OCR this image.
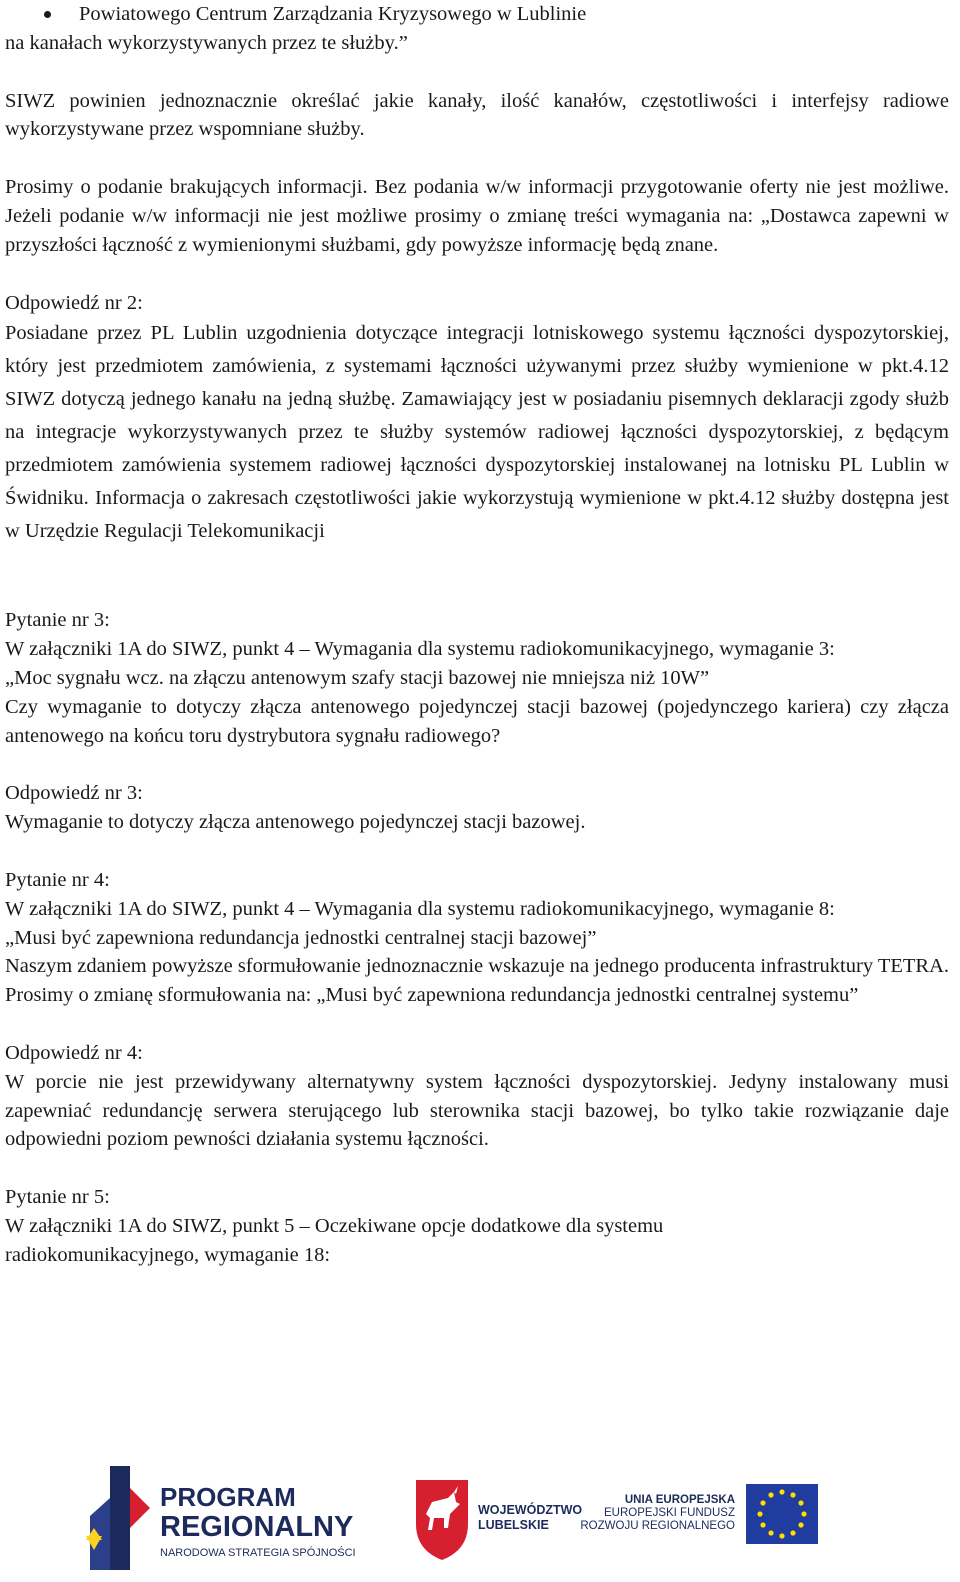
Powiatowego Centrum Zarządzania Kryzysowego w Lublinie

na kanałach wykorzystywanych przez te służby.”

SIWZ powinien jednoznacznie określać jakie kanały, ilość kanałów, częstotliwości i interfejsy radiowe wykorzystywane przez wspomniane służby.

Prosimy o podanie brakujących informacji. Bez podania w/w informacji przygotowanie oferty nie jest możliwe. Jeżeli podanie w/w informacji nie jest możliwe prosimy o zmianę treści wymagania na: „Dostawca zapewni w przyszłości łączność z wymienionymi służbami, gdy powyższe informację będą znane.

Odpowiedź nr 2:

Posiadane przez PL Lublin uzgodnienia dotyczące integracji lotniskowego systemu łączności dyspozytorskiej, który jest przedmiotem zamówienia, z systemami łączności używanymi przez służby wymienione w pkt.4.12 SIWZ dotyczą jednego kanału na jedną służbę. Zamawiający jest w posiadaniu pisemnych deklaracji zgody służb na integracje wykorzystywanych przez te służby systemów radiowej łączności dyspozytorskiej, z będącym przedmiotem zamówienia systemem radiowej łączności dyspozytorskiej instalowanej na lotnisku PL Lublin w Świdniku. Informacja o zakresach częstotliwości jakie wykorzystują wymienione w pkt.4.12 służby dostępna jest w Urzędzie Regulacji Telekomunikacji

Pytanie nr 3:

W załączniki 1A do SIWZ, punkt 4 – Wymagania dla systemu radiokomunikacyjnego, wymaganie 3:

„Moc sygnału wcz. na złączu antenowym szafy stacji bazowej nie mniejsza niż 10W”

Czy wymaganie to dotyczy złącza antenowego pojedynczej stacji bazowej (pojedynczego kariera) czy złącza antenowego na końcu toru dystrybutora sygnału radiowego?

Odpowiedź nr 3:

Wymaganie to dotyczy złącza antenowego pojedynczej stacji bazowej.

Pytanie nr 4:

W załączniki 1A do SIWZ, punkt 4 – Wymagania dla systemu radiokomunikacyjnego, wymaganie 8:

„Musi być zapewniona redundancja jednostki centralnej stacji bazowej”

Naszym zdaniem powyższe sformułowanie jednoznacznie wskazuje na jednego producenta infrastruktury TETRA.

Prosimy o zmianę sformułowania na: „Musi być zapewniona redundancja jednostki centralnej systemu”

Odpowiedź nr 4:

W porcie nie jest przewidywany alternatywny system łączności dyspozytorskiej. Jedyny instalowany musi zapewniać redundancję serwera sterującego lub sterownika stacji bazowej, bo tylko takie rozwiązanie daje odpowiedni poziom pewności działania systemu łączności.

Pytanie nr 5:

W załączniki 1A do SIWZ, punkt 5 – Oczekiwane opcje dodatkowe dla systemu

radiokomunikacyjnego, wymaganie 18:

PROGRAM
REGIONALNY
NARODOWA STRATEGIA SPÓJNOŚCI
WOJEWÓDZTWO
LUBELSKIE
UNIA EUROPEJSKA
EUROPEJSKI FUNDUSZ
ROZWOJU REGIONALNEGO
